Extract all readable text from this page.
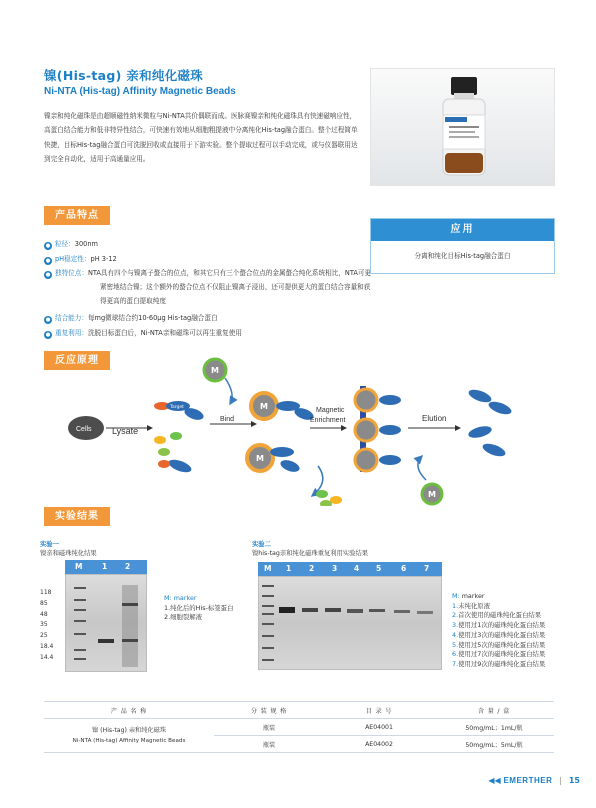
镍(His-tag) 亲和纯化磁珠
Ni-NTA (His-tag) Affinity Magnetic Beads
镍亲和纯化磁珠是由超顺磁性纳米微粒与Ni-NTA共价偶联而成。医脉赛镍亲和纯化磁珠具有快速磁响应性，高蛋白结合能力和低非特异性结合，可快速有效地从细胞粗提液中分离纯化His-tag融合蛋白。整个过程简单快捷，目标His-tag融合蛋白可洗脱回收或直接用于下游实验。整个提取过程可以手动完成，或与仪器联用达到完全自动化，适用于高通量应用。
产品特点
● 粒径：300nm
● pH稳定性：pH 3-12
● 独特位点：NTA具有四个与镍离子螯合的位点，和其它只有三个螯合位点的金属螯合纯化系统相比，NTA可更紧密地结合镍；这个额外的螯合位点不仅阻止镍离子浸出，还可提供更大的蛋白结合容量和获得更高的蛋白提取纯度
● 结合能力：每mg微球结合约10-60μg His-tag融合蛋白
● 重复利用：洗脱目标蛋白后，Ni-NTA亲和磁珠可以再生重复使用
应用
分离和纯化目标His-tag融合蛋白
反应原理
Cells Lysate
Target
M
Bind
M
M
Magnetic
Enrichment	Elution
M
实验结果
实验一
镍亲和磁珠纯化结果
M	1 2
118
85
48
35
25
18.4
14.4
M: marker
1.纯化后的His-标签蛋白
2.细胞裂解液
实验二
镍his-tag亲和纯化磁珠重复利用实验结果
M 1 2 3 4 5	6 7
M: marker
1.未纯化原液
2.首次使用的磁珠纯化蛋白结果
3.使用过1次的磁珠纯化蛋白结果
4.使用过3次的磁珠纯化蛋白结果
5.使用过5次的磁珠纯化蛋白结果
6.使用过7次的磁珠纯化蛋白结果
7.使用过9次的磁珠纯化蛋白结果
产 品 名 称	分 装 规 格	目 录 号	含 量 / 盒

镍 (His-tag) 亲和纯化磁珠
Ni-NTA (His-tag) Affinity Magnetic Beads	瓶装	AE04001	50mg/mL；1mL/瓶
	瓶装	AE04002	50mg/mL；5mL/瓶
◀◀ EMERTHER | 15
